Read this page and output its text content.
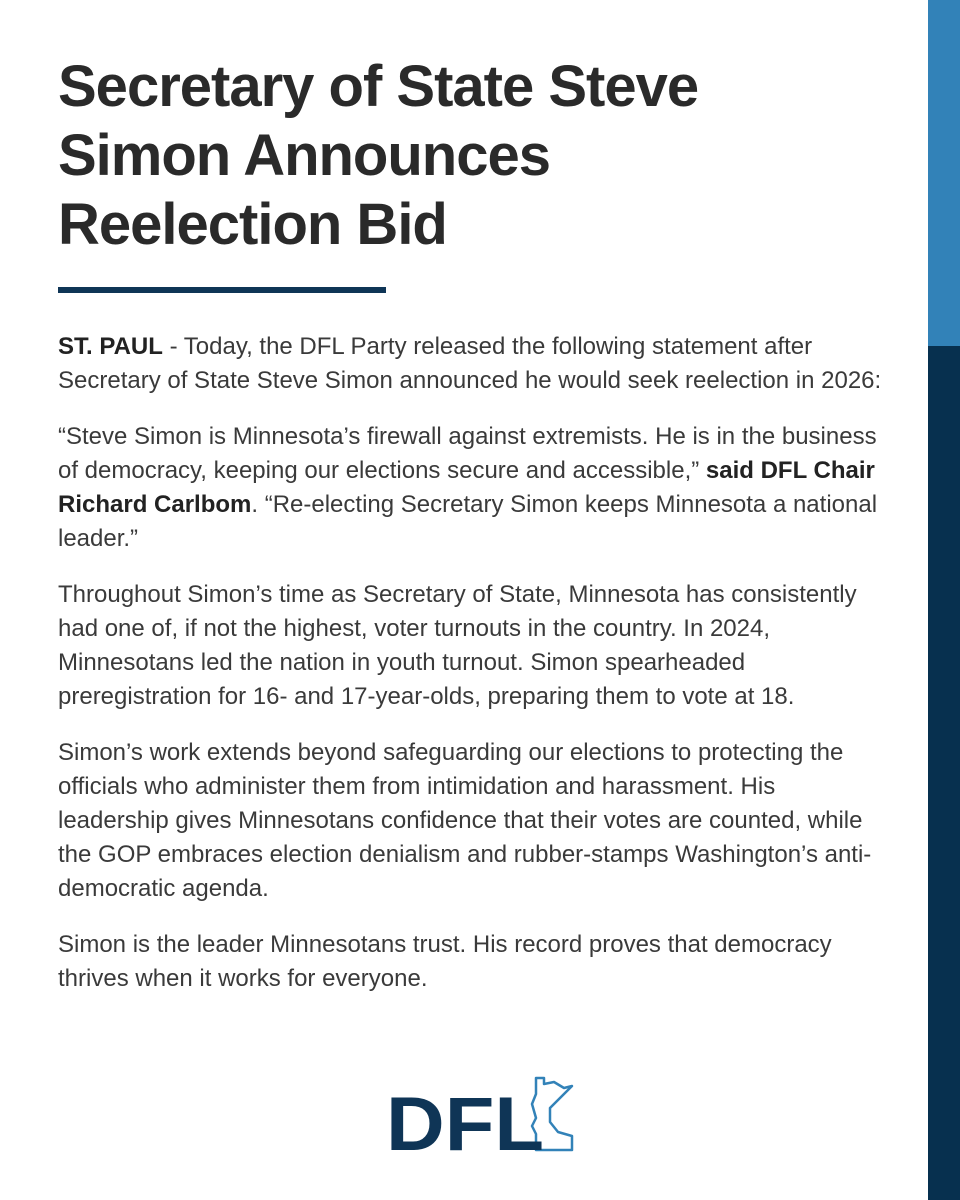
Secretary of State Steve Simon Announces Reelection Bid

ST. PAUL - Today, the DFL Party released the following statement after Secretary of State Steve Simon announced he would seek reelection in 2026:

“Steve Simon is Minnesota’s firewall against extremists. He is in the business of democracy, keeping our elections secure and accessible,” said DFL Chair Richard Carlbom. “Re-electing Secretary Simon keeps Minnesota a national leader.”

Throughout Simon’s time as Secretary of State, Minnesota has consistently had one of, if not the highest, voter turnouts in the country. In 2024, Minnesotans led the nation in youth turnout. Simon spearheaded preregistration for 16- and 17-year-olds, preparing them to vote at 18.

Simon’s work extends beyond safeguarding our elections to protecting the officials who administer them from intimidation and harassment. His leadership gives Minnesotans confidence that their votes are counted, while the GOP embraces election denialism and rubber-stamps Washington’s anti-democratic agenda.

Simon is the leader Minnesotans trust. His record proves that democracy thrives when it works for everyone.

DFL
